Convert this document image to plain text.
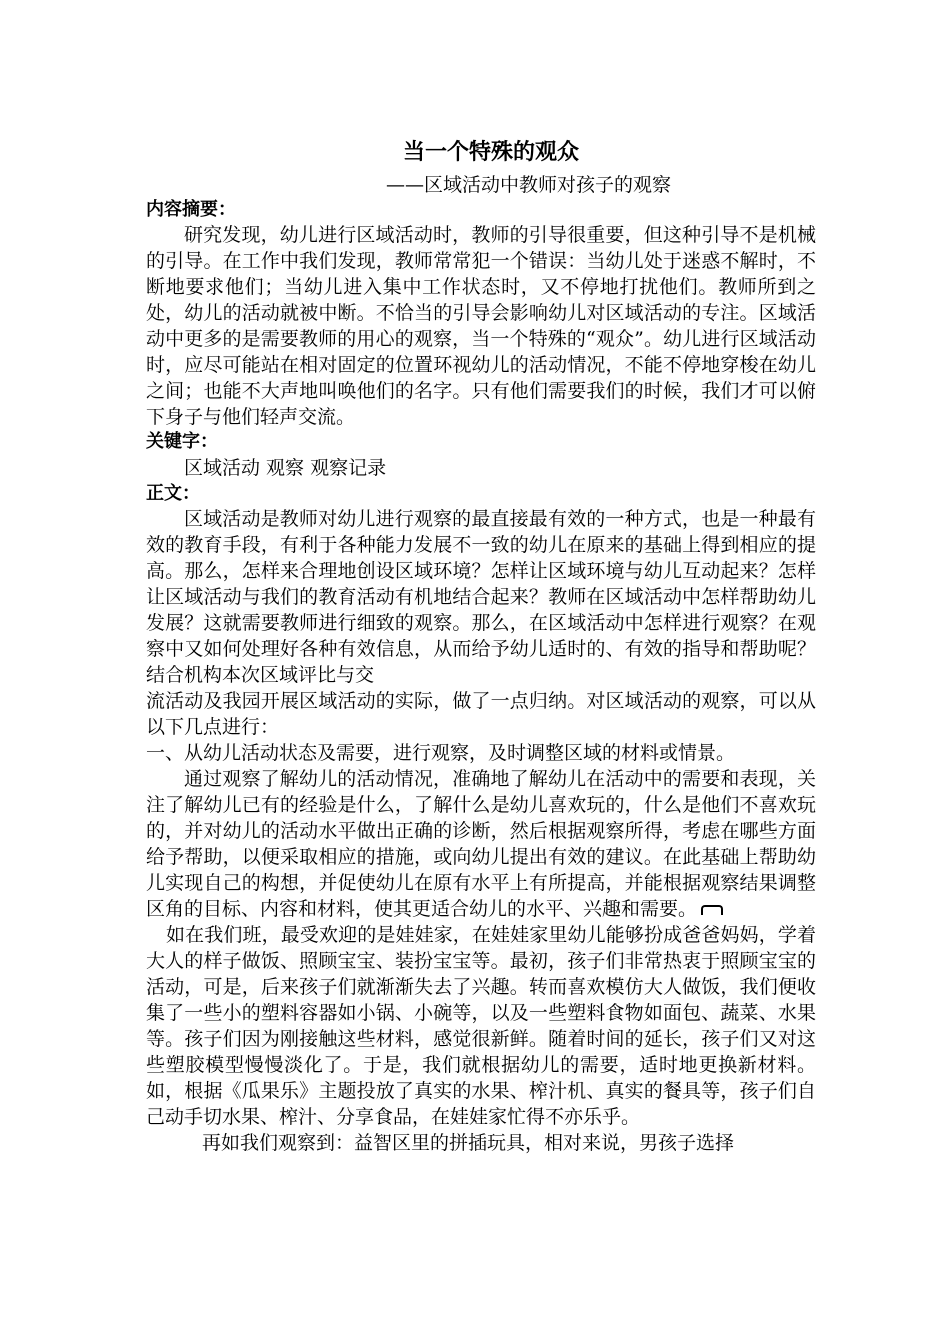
当一个特殊的观众
——区域活动中教师对孩子的观察
内容摘要：

研究发现，幼儿进行区域活动时，教师的引导很重要，但这种引导不是机械的引导。在工作中我们发现，教师常常犯一个错误：当幼儿处于迷惑不解时，不断地要求他们；当幼儿进入集中工作状态时，又不停地打扰他们。教师所到之处，幼儿的活动就被中断。不恰当的引导会影响幼儿对区域活动的专注。区域活动中更多的是需要教师的用心的观察，当一个特殊的“观众”。幼儿进行区域活动时，应尽可能站在相对固定的位置环视幼儿的活动情况，不能不停地穿梭在幼儿之间；也能不大声地叫唤他们的名字。只有他们需要我们的时候，我们才可以俯下身子与他们轻声交流。

关键字：
区域活动 观察 观察记录
正文：

区域活动是教师对幼儿进行观察的最直接最有效的一种方式，也是一种最有效的教育手段，有利于各种能力发展不一致的幼儿在原来的基础上得到相应的提高。那么，怎样来合理地创设区域环境？怎样让区域环境与幼儿互动起来？怎样让区域活动与我们的教育活动有机地结合起来？教师在区域活动中怎样帮助幼儿发展？这就需要教师进行细致的观察。那么，在区域活动中怎样进行观察？在观察中又如何处理好各种有效信息，从而给予幼儿适时的、有效的指导和帮助呢？结合机构本次区域评比与交

流活动及我园开展区域活动的实际，做了一点归纳。对区域活动的观察，可以从以下几点进行：

一、从幼儿活动状态及需要，进行观察，及时调整区域的材料或情景。

通过观察了解幼儿的活动情况，准确地了解幼儿在活动中的需要和表现，关注了解幼儿已有的经验是什么，了解什么是幼儿喜欢玩的，什么是他们不喜欢玩的，并对幼儿的活动水平做出正确的诊断，然后根据观察所得，考虑在哪些方面给予帮助，以便采取相应的措施，或向幼儿提出有效的建议。在此基础上帮助幼儿实现自己的构想，并促使幼儿在原有水平上有所提高，并能根据观察结果调整区角的目标、内容和材料，使其更适合幼儿的水平、兴趣和需要。

如在我们班，最受欢迎的是娃娃家，在娃娃家里幼儿能够扮成爸爸妈妈，学着大人的样子做饭、照顾宝宝、装扮宝宝等。最初，孩子们非常热衷于照顾宝宝的活动，可是，后来孩子们就渐渐失去了兴趣。转而喜欢模仿大人做饭，我们便收集了一些小的塑料容器如小锅、小碗等，以及一些塑料食物如面包、蔬菜、水果等。孩子们因为刚接触这些材料，感觉很新鲜。随着时间的延长，孩子们又对这些塑胶模型慢慢淡化了。于是，我们就根据幼儿的需要，适时地更换新材料。如，根据《瓜果乐》主题投放了真实的水果、榨汁机、真实的餐具等，孩子们自己动手切水果、榨汁、分享食品，在娃娃家忙得不亦乐乎。

再如我们观察到：益智区里的拼插玩具，相对来说，男孩子选择
